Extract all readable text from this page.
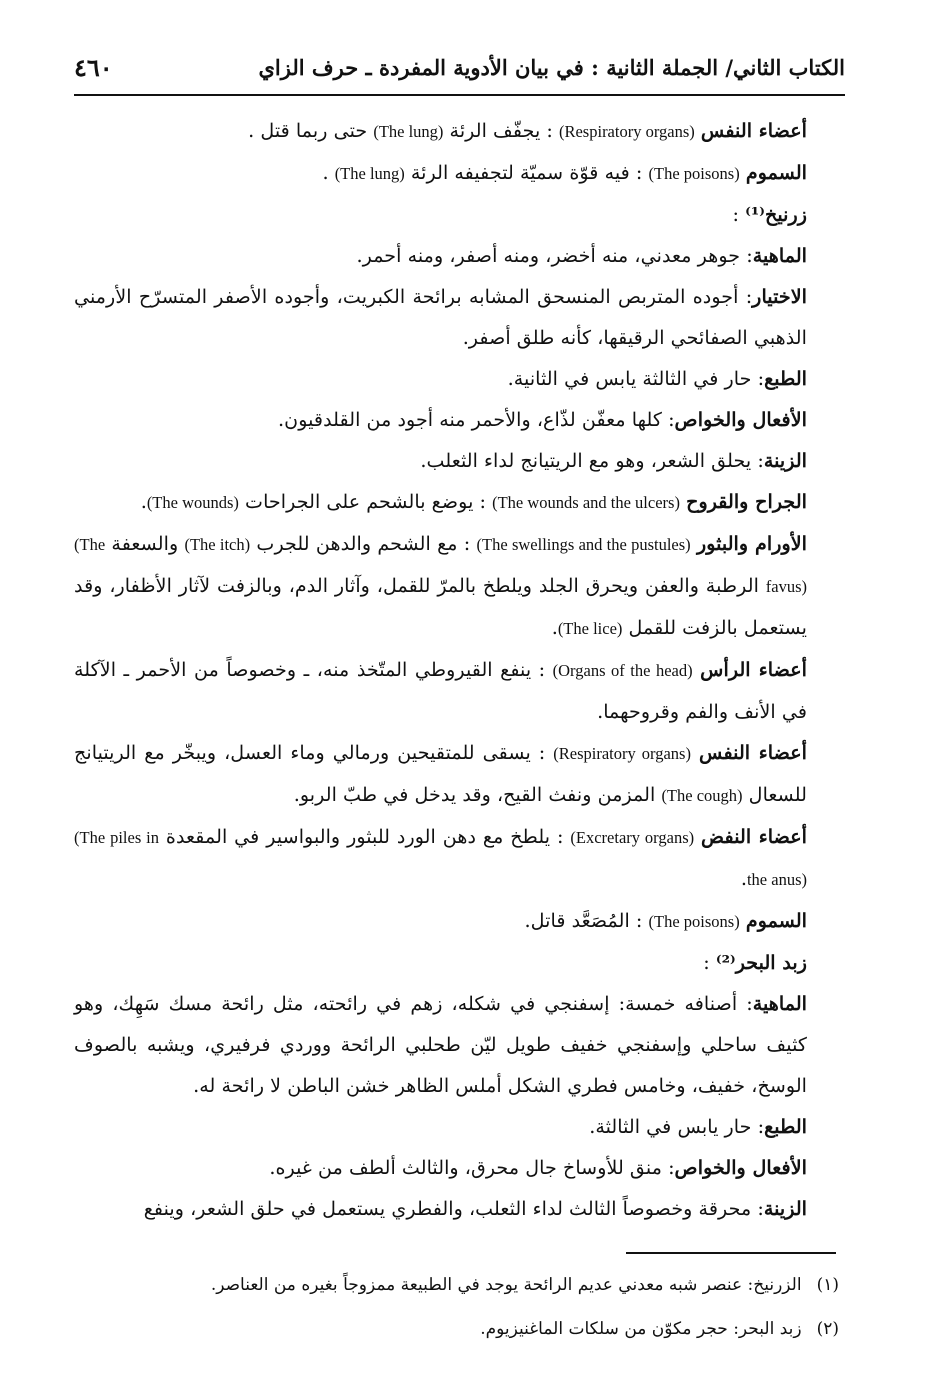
الكتاب الثاني/ الجملة الثانية : في بيان الأدوية المفردة ـ حرف الزاي
٤٦٠

أعضاء النفس (Respiratory organs) : يجفّف الرئة (The lung) حتى ربما قتل .

السموم (The poisons) : فيه قوّة سميّة لتجفيفه الرئة (The lung) .

زرنيخ⁽¹⁾ :

الماهية: جوهر معدني، منه أخضر، ومنه أصفر، ومنه أحمر.

الاختيار: أجوده المتربص المنسحق المشابه برائحة الكبريت، وأجوده الأصفر المتسرّح الأرمني الذهبي الصفائحي الرقيقها، كأنه طلق أصفر.

الطبع: حار في الثالثة يابس في الثانية.

الأفعال والخواص: كلها معفّن لذّاع، والأحمر منه أجود من القلدقيون.

الزينة: يحلق الشعر، وهو مع الريتيانج لداء الثعلب.

الجراح والقروح (The wounds and the ulcers) : يوضع بالشحم على الجراحات (The wounds).

الأورام والبثور (The swellings and the pustules) : مع الشحم والدهن للجرب (The itch) والسعفة (The favus) الرطبة والعفن ويحرق الجلد ويلطخ بالمرّ للقمل، وآثار الدم، وبالزفت لآثار الأظفار، وقد يستعمل بالزفت للقمل (The lice).

أعضاء الرأس (Organs of the head) : ينفع القيروطي المتّخذ منه، ـ وخصوصاً من الأحمر ـ الآكلة في الأنف والفم وقروحهما.

أعضاء النفس (Respiratory organs) : يسقى للمتقيحين ورمالي وماء العسل، ويبخّر مع الريتيانج للسعال (The cough) المزمن ونفث القيح، وقد يدخل في طبّ الربو.

أعضاء النفض (Excretary organs) : يلطخ مع دهن الورد للبثور والبواسير في المقعدة (The piles in the anus).

السموم (The poisons) : المُصَعَّد قاتل.

زبد البحر⁽²⁾ :

الماهية: أصنافه خمسة: إسفنجي في شكله، زهم في رائحته، مثل رائحة مسك سَهِك، وهو كثيف ساحلي وإسفنجي خفيف طويل ليّن طحلبي الرائحة ووردي فرفيري، ويشبه بالصوف الوسخ، خفيف، وخامس فطري الشكل أملس الظاهر خشن الباطن لا رائحة له.

الطبع: حار يابس في الثالثة.

الأفعال والخواص: منق للأوساخ جال محرق، والثالث ألطف من غيره.

الزينة: محرقة وخصوصاً الثالث لداء الثعلب، والفطري يستعمل في حلق الشعر، وينفع

(١) الزرنيخ: عنصر شبه معدني عديم الرائحة يوجد في الطبيعة ممزوجاً بغيره من العناصر.

(٢) زبد البحر: حجر مكوّن من سلكات الماغنيزيوم.
